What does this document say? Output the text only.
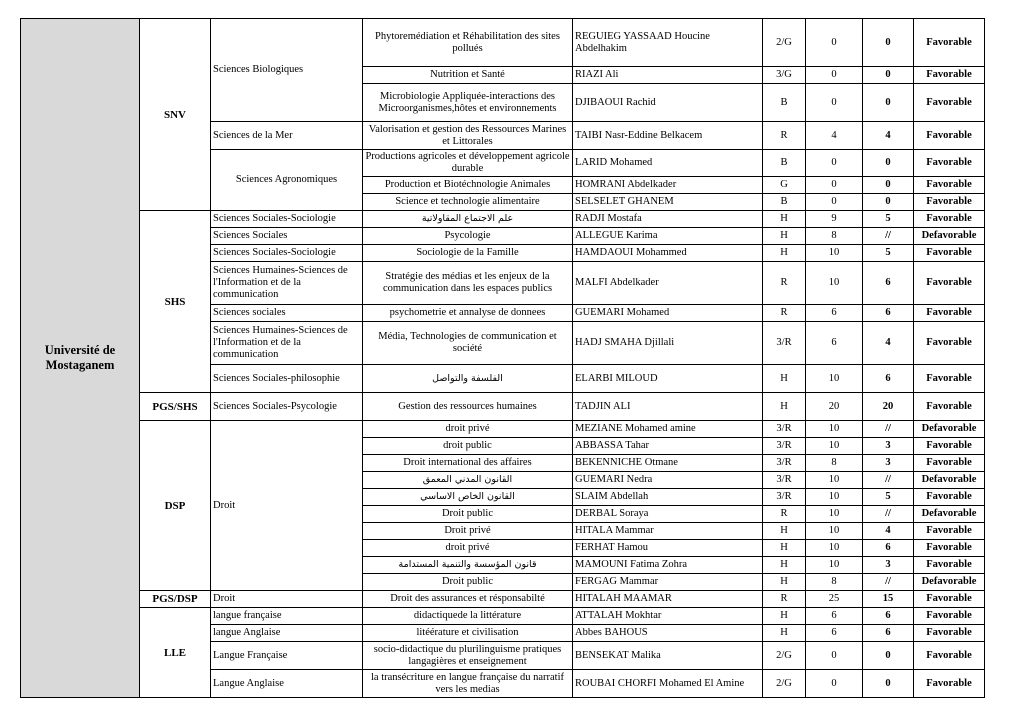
Université de Mostaganem	SNV	Sciences Biologiques	Phytoremédiation et Réhabilitation des sites pollués	REGUIEG YASSAAD Houcine Abdelhakim	2/G	0	0	Favorable
			Nutrition et Santé	RIAZI Ali	3/G	0	0	Favorable
			Microbiologie Appliquée-interactions des Microorganismes,hôtes et environnements	DJIBAOUI Rachid	B	0	0	Favorable
		Sciences de la Mer	Valorisation et gestion des Ressources Marines et Littorales	TAIBI Nasr-Eddine Belkacem	R	4	4	Favorable
		Sciences Agronomiques	Productions agricoles et développement agricole durable	LARID Mohamed	B	0	0	Favorable
			Production et Biotéchnologie Animales	HOMRANI Abdelkader	G	0	0	Favorable
			Science et technologie alimentaire	SELSELET GHANEM	B	0	0	Favorable
	SHS	Sciences Sociales-Sociologie	علم الاجتماع المقاولاتية	RADJI Mostafa	H	9	5	Favorable
		Sciences Sociales	Psycologie	ALLEGUE Karima	H	8	//	Defavorable
		Sciences Sociales-Sociologie	Sociologie de la Famille	HAMDAOUI Mohammed	H	10	5	Favorable
		Sciences Humaines-Sciences de l'Information et de la communication	Stratégie des médias et les enjeux de la communication dans les espaces publics	MALFI Abdelkader	R	10	6	Favorable
		Sciences sociales	psychometrie et annalyse de donnees	GUEMARI Mohamed	R	6	6	Favorable
		Sciences Humaines-Sciences de l'Information et de la communication	Média, Technologies de communication et société	HADJ SMAHA Djillali	3/R	6	4	Favorable
		Sciences Sociales-philosophie	الفلسفة والتواصل	ELARBI MILOUD	H	10	6	Favorable
	PGS/SHS	Sciences Sociales-Psycologie	Gestion des ressources humaines	TADJIN ALI	H	20	20	Favorable
	DSP	Droit	droit privé	MEZIANE Mohamed amine	3/R	10	//	Defavorable
			droit public	ABBASSA Tahar	3/R	10	3	Favorable
			Droit international des affaires	BEKENNICHE Otmane	3/R	8	3	Favorable
			القانون المدني المعمق	GUEMARI Nedra	3/R	10	//	Defavorable
			القانون الخاص الاساسي	SLAIM Abdellah	3/R	10	5	Favorable
			Droit public	DERBAL Soraya	R	10	//	Defavorable
			Droit privé	HITALA Mammar	H	10	4	Favorable
			droit privé	FERHAT Hamou	H	10	6	Favorable
			قانون المؤسسة والتنمية المستدامة	MAMOUNI Fatima Zohra	H	10	3	Favorable
			Droit public	FERGAG Mammar	H	8	//	Defavorable
	PGS/DSP	Droit	Droit des assurances et résponsabilté	HITALAH MAAMAR	R	25	15	Favorable
	LLE	langue française	didactiquede la littérature	ATTALAH Mokhtar	H	6	6	Favorable
		langue Anglaise	litéérature et civilisation	Abbes BAHOUS	H	6	6	Favorable
		Langue Française	socio-didactique du plurilinguisme pratiques langagières et enseignement	BENSEKAT Malika	2/G	0	0	Favorable
		Langue Anglaise	la transécriture en langue française du narratif vers les medias	ROUBAI CHORFI Mohamed El Amine	2/G	0	0	Favorable
